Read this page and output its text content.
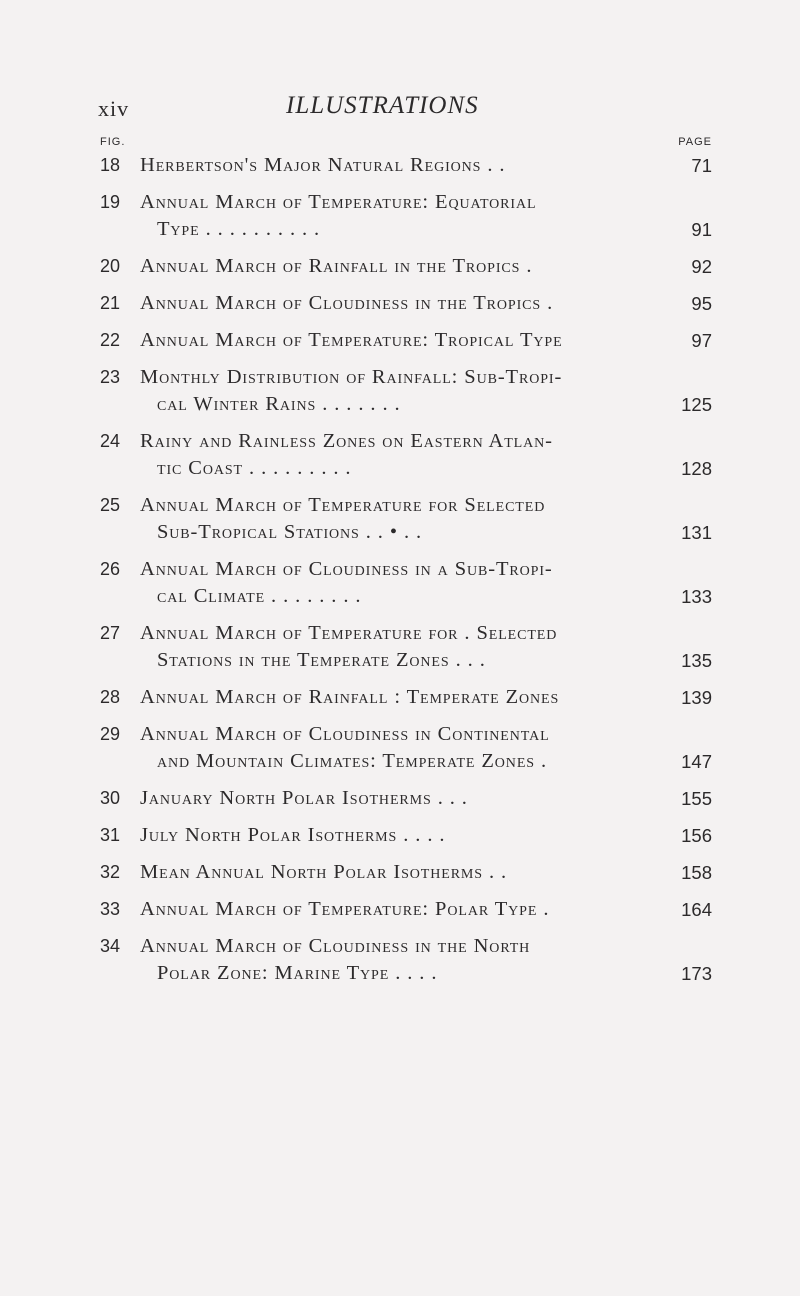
xiv	ILLUSTRATIONS
FIG.	PAGE
18 Herbertson's Major Natural Regions . .	71
19 Annual March of Temperature: Equatorial
Type . . . . . . . . . .	91
20 Annual March of Rainfall in the Tropics .	92
21 Annual March of Cloudiness in the Tropics .	95
22 Annual March of Temperature: Tropical Type	97
23 Monthly Distribution of Rainfall: Sub-Tropi-
cal Winter Rains . . . . . . .	125
24 Rainy and Rainless Zones on Eastern Atlan-
tic Coast . . . . . . . . .	128
25 Annual March of Temperature for Selected
Sub-Tropical Stations . . • . .	131
26 Annual March of Cloudiness in a Sub-Tropi-
cal Climate . . . . . . . .	133
27 Annual March of Temperature for . Selected
Stations in the Temperate Zones . . .	135
28 Annual March of Rainfall : Temperate Zones	139
29 Annual March of Cloudiness in Continental
and Mountain Climates: Temperate Zones .	147
30 January North Polar Isotherms . . .	155
31 July North Polar Isotherms . . . .	156
32 Mean Annual North Polar Isotherms . .	158
33 Annual March of Temperature: Polar Type .	164
34 Annual March of Cloudiness in the North
Polar Zone: Marine Type . . . .	173
